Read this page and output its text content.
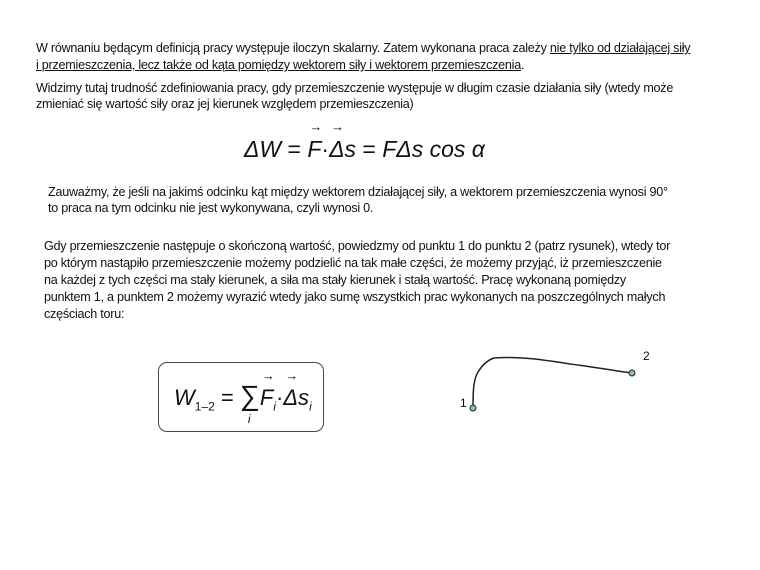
W równaniu będącym definicją pracy występuje iloczyn skalarny. Zatem wykonana praca zależy nie tylko od działającej siły
i przemieszczenia, lecz także od kąta pomiędzy wektorem siły i wektorem przemieszczenia.
Widzimy tutaj trudność zdefiniowania pracy, gdy przemieszczenie występuje w długim czasie działania siły (wtedy może
zmieniać się wartość siły oraz jej kierunek względem przemieszczenia)
ΔW = → F·→ Δs = FΔs cos α
Zauważmy, że jeśli na jakimś odcinku kąt między wektorem działającej siły, a wektorem przemieszczenia wynosi 90°
to praca na tym odcinku nie jest wykonywana, czyli wynosi 0.
Gdy przemieszczenie następuje o skończoną wartość, powiedzmy od punktu 1 do punktu 2 (patrz rysunek), wtedy tor
po którym nastąpiło przemieszczenie możemy podzielić na tak małe części, że możemy przyjąć, iż przemieszczenie
na każdej z tych części ma stały kierunek, a siła ma stały kierunek i stałą wartość. Pracę wykonaną pomiędzy
punktem 1, a punktem 2 możemy wyrazić wtedy jako sumę wszystkich prac wykonanych na poszczególnych małych
częściach toru:
$W_{1-2}$ = ∑
i
→ $F_i\cdot\to \Delta s_i$	1
2
